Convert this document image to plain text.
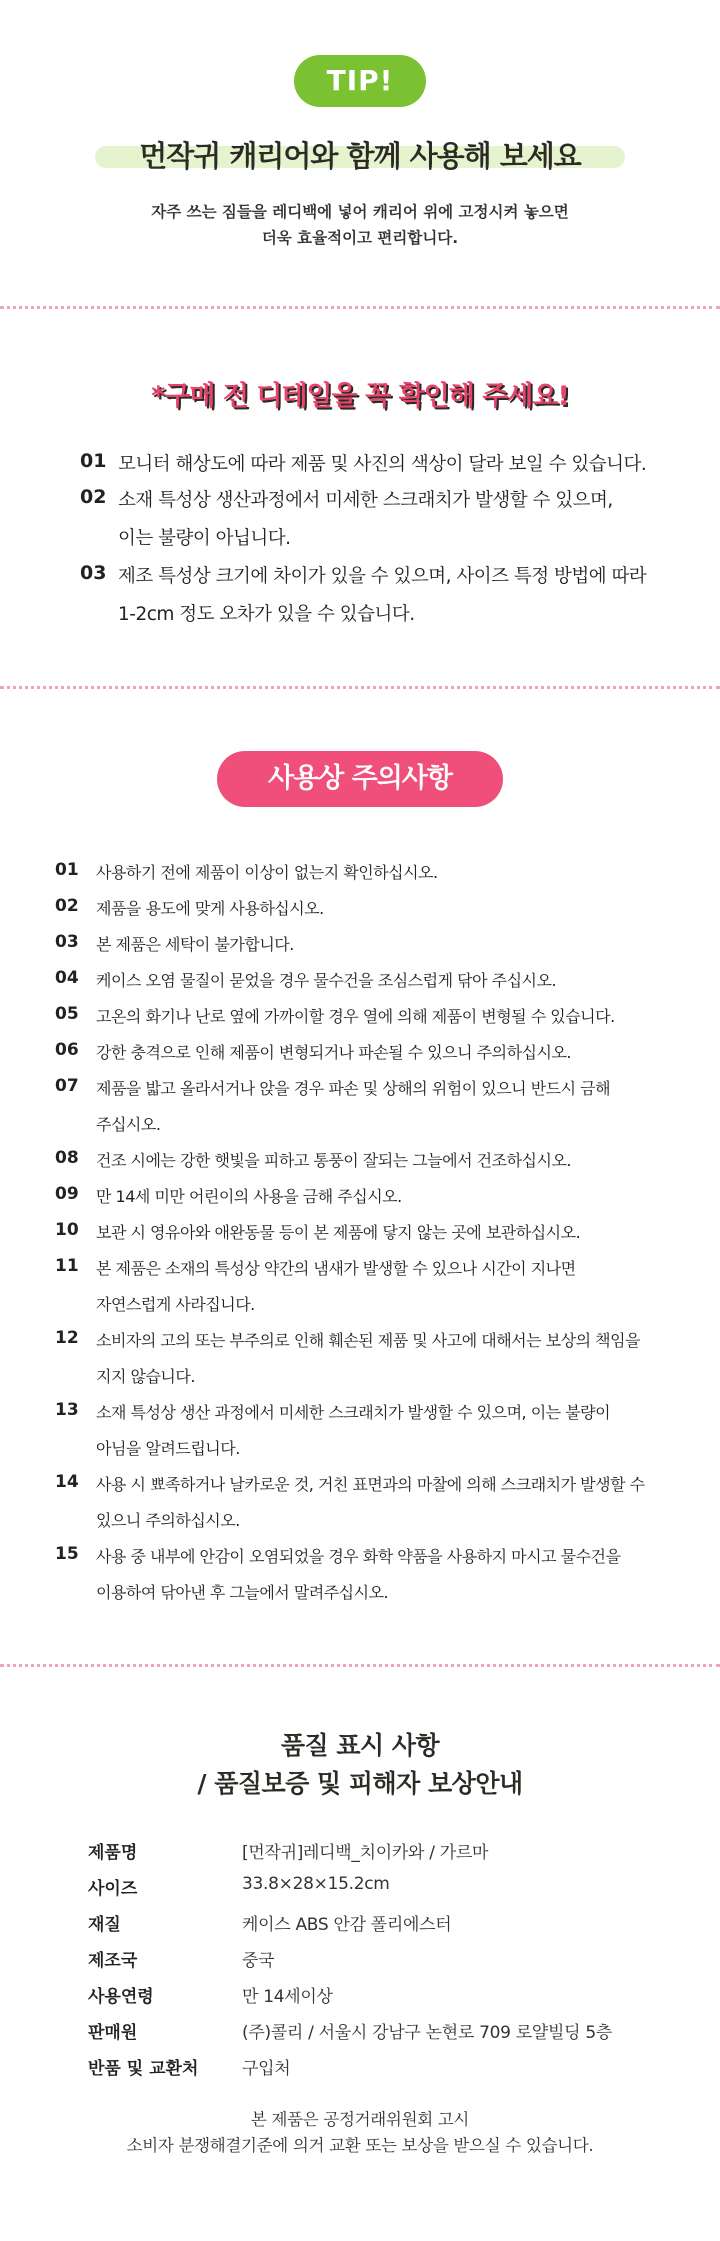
TIP!
먼작귀 캐리어와 함께 사용해 보세요
자주 쓰는 짐들을 레디백에 넣어 캐리어 위에 고정시켜 놓으면
더욱 효율적이고 편리합니다.
*구매 전 디테일을 꼭 확인해 주세요!
01 모니터 해상도에 따라 제품 및 사진의 색상이 달라 보일 수 있습니다.
02 소재 특성상 생산과정에서 미세한 스크래치가 발생할 수 있으며,
이는 불량이 아닙니다.
03 제조 특성상 크기에 차이가 있을 수 있으며, 사이즈 특정 방법에 따라
1-2cm 정도 오차가 있을 수 있습니다.
사용상 주의사항
01 사용하기 전에 제품이 이상이 없는지 확인하십시오.
02 제품을 용도에 맞게 사용하십시오.
03 본 제품은 세탁이 불가합니다.
04 케이스 오염 물질이 묻었을 경우 물수건을 조심스럽게 닦아 주십시오.
05 고온의 화기나 난로 옆에 가까이할 경우 열에 의해 제품이 변형될 수 있습니다.
06 강한 충격으로 인해 제품이 변형되거나 파손될 수 있으니 주의하십시오.
07 제품을 밟고 올라서거나 앉을 경우 파손 및 상해의 위험이 있으니 반드시 금해
주십시오.
08 건조 시에는 강한 햇빛을 피하고 통풍이 잘되는 그늘에서 건조하십시오.
09 만 14세 미만 어린이의 사용을 금해 주십시오.
10 보관 시 영유아와 애완동물 등이 본 제품에 닿지 않는 곳에 보관하십시오.
11 본 제품은 소재의 특성상 약간의 냄새가 발생할 수 있으나 시간이 지나면
자연스럽게 사라집니다.
12 소비자의 고의 또는 부주의로 인해 훼손된 제품 및 사고에 대해서는 보상의 책임을
지지 않습니다.
13 소재 특성상 생산 과정에서 미세한 스크래치가 발생할 수 있으며, 이는 불량이
아님을 알려드립니다.
14 사용 시 뾰족하거나 날카로운 것, 거친 표면과의 마찰에 의해 스크래치가 발생할 수
있으니 주의하십시오.
15 사용 중 내부에 안감이 오염되었을 경우 화학 약품을 사용하지 마시고 물수건을
이용하여 닦아낸 후 그늘에서 말려주십시오.
품질 표시 사항
/ 품질보증 및 피해자 보상안내
제품명	[먼작귀]레디백_치이카와 / 가르마
사이즈	33.8×28×15.2cm
재질	케이스 ABS 안감 폴리에스터
제조국	중국
사용연령	만 14세이상
판매원	(주)콜리 / 서울시 강남구 논현로 709 로얄빌딩 5층
반품 및 교환처	구입처
본 제품은 공정거래위원회 고시
소비자 분쟁해결기준에 의거 교환 또는 보상을 받으실 수 있습니다.
